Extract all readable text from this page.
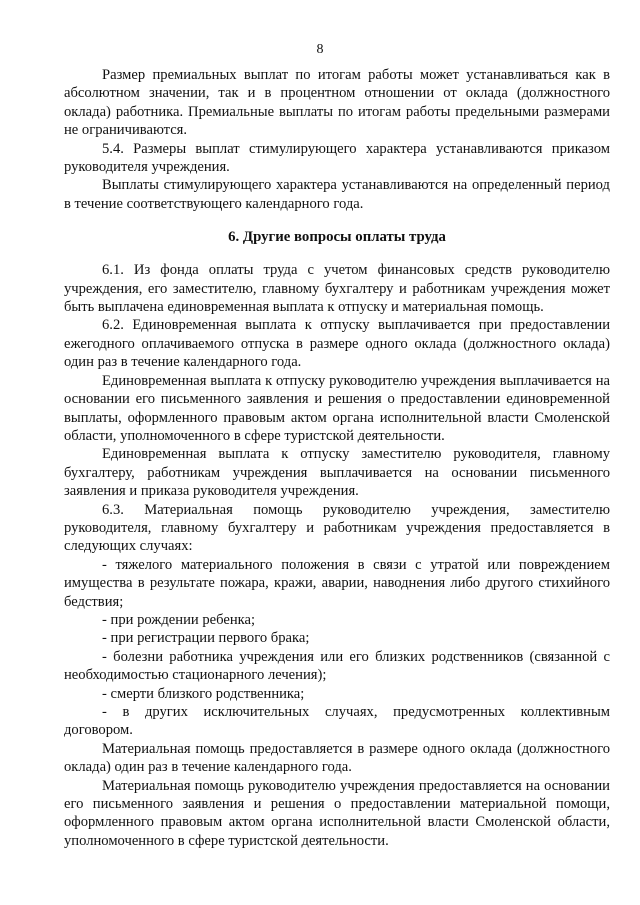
8

Размер премиальных выплат по итогам работы может устанавливаться как в абсолютном значении, так и в процентном отношении от оклада (должностного оклада) работника. Премиальные выплаты по итогам работы предельными размерами не ограничиваются.

5.4. Размеры выплат стимулирующего характера устанавливаются приказом руководителя учреждения.

Выплаты стимулирующего характера устанавливаются на определенный период в течение соответствующего календарного года.

6. Другие вопросы оплаты труда

6.1. Из фонда оплаты труда с учетом финансовых средств руководителю учреждения, его заместителю, главному бухгалтеру и работникам учреждения может быть выплачена единовременная выплата к отпуску и материальная помощь.

6.2. Единовременная выплата к отпуску выплачивается при предоставлении ежегодного оплачиваемого отпуска в размере одного оклада (должностного оклада) один раз в течение календарного года.

Единовременная выплата к отпуску руководителю учреждения выплачивается на основании его письменного заявления и решения о предоставлении единовременной выплаты, оформленного правовым актом органа исполнительной власти Смоленской области, уполномоченного в сфере туристской деятельности.

Единовременная выплата к отпуску заместителю руководителя, главному бухгалтеру, работникам учреждения выплачивается на основании письменного заявления и приказа руководителя учреждения.

6.3. Материальная помощь руководителю учреждения, заместителю руководителя, главному бухгалтеру и работникам учреждения предоставляется в следующих случаях:

- тяжелого материального положения в связи с утратой или повреждением имущества в результате пожара, кражи, аварии, наводнения либо другого стихийного бедствия;

- при рождении ребенка;

- при регистрации первого брака;

- болезни работника учреждения или его близких родственников (связанной с необходимостью стационарного лечения);

- смерти близкого родственника;

- в других исключительных случаях, предусмотренных коллективным договором.

Материальная помощь предоставляется в размере одного оклада (должностного оклада) один раз в течение календарного года.

Материальная помощь руководителю учреждения предоставляется на основании его письменного заявления и решения о предоставлении материальной помощи, оформленного правовым актом органа исполнительной власти Смоленской области, уполномоченного в сфере туристской деятельности.
